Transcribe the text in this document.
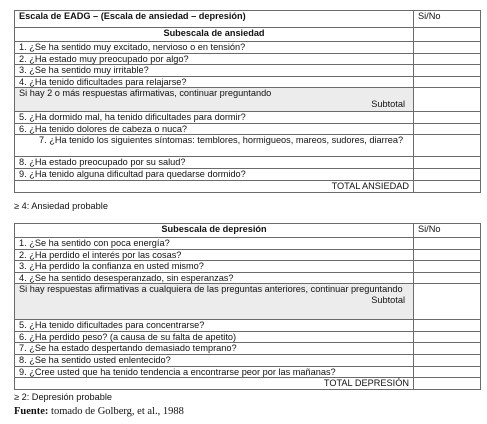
Escala de EADG – (Escala de ansiedad – depresión)	Si/No
Subescala de ansiedad	
1. ¿Se ha sentido muy excitado, nervioso o en tensión?	
2. ¿Ha estado muy preocupado por algo?	
3. ¿Se ha sentido muy irritable?	
4. ¿Ha tenido dificultades para relajarse?	
Si hay 2 o más respuestas afirmativas, continuar preguntando
Subtotal	

5. ¿Ha dormido mal, ha tenido dificultades para dormir?	
6. ¿Ha tenido dolores de cabeza o nuca?	
7. ¿Ha tenido los siguientes síntomas: temblores, hormigueos, mareos, sudores, diarrea?	
8. ¿Ha estado preocupado por su salud?	
9. ¿Ha tenido alguna dificultad para quedarse dormido?	
TOTAL ANSIEDAD	
≥ 4: Ansiedad probable
Subescala de depresión	Si/No
1. ¿Se ha sentido con poca energía?	
2. ¿Ha perdido el interés por las cosas?	
3. ¿Ha perdido la confianza en usted mismo?	
4. ¿Se ha sentido desesperanzado, sin esperanzas?	
Si hay respuestas afirmativas a cualquiera de las preguntas anteriores, continuar preguntando
Subtotal	

5. ¿Ha tenido dificultades para concentrarse?	
6. ¿Ha perdido peso? (a causa de su falta de apetito)	
7. ¿Se ha estado despertando demasiado temprano?	
8. ¿Se ha sentido usted enlentecido?	
9. ¿Cree usted que ha tenido tendencia a encontrarse peor por las mañanas?	
TOTAL DEPRESIÓN	
≥ 2: Depresión probable
Fuente: tomado de Golberg, et al., 1988
